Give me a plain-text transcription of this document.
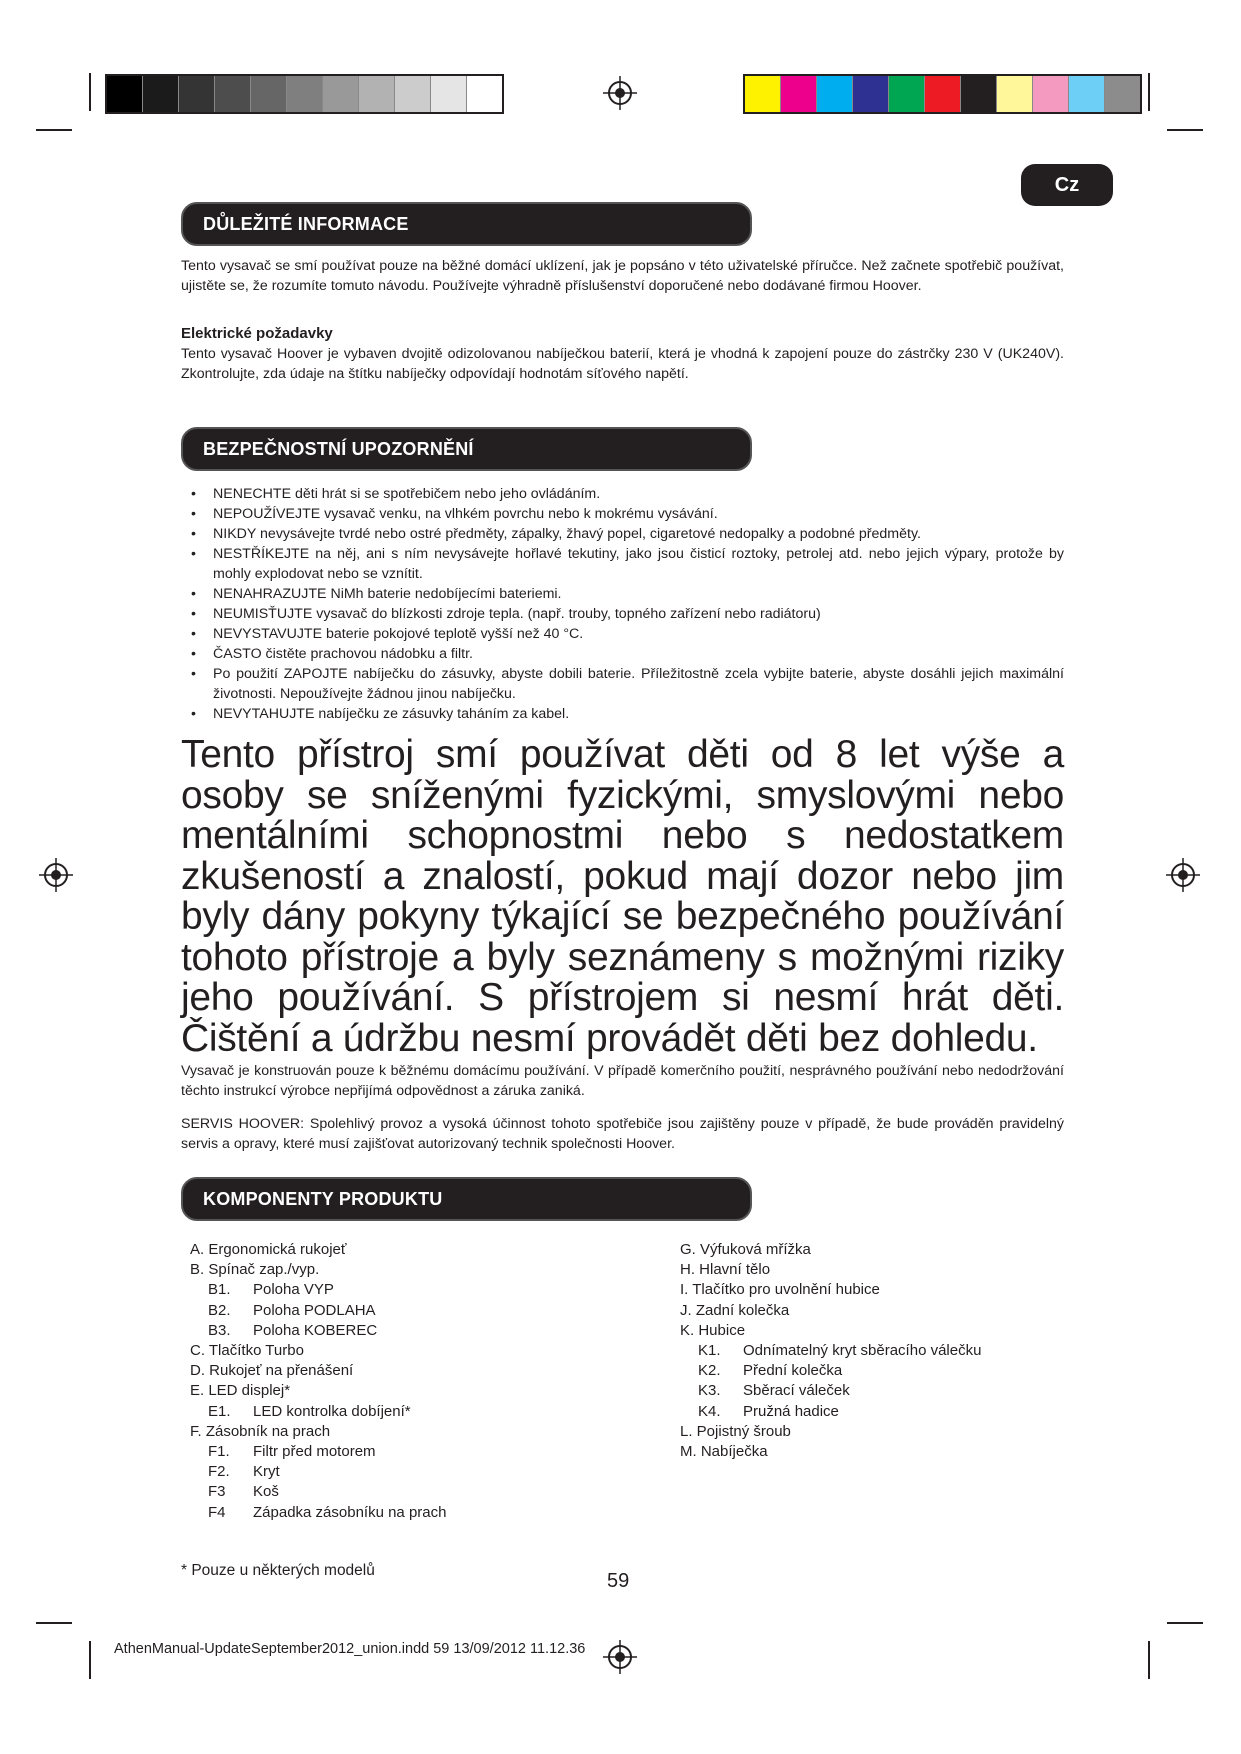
Cz
DŮLEŽITÉ INFORMACE
Tento vysavač se smí používat pouze na běžné domácí uklízení, jak je popsáno v této uživatelské příručce. Než začnete spotřebič používat, ujistěte se, že rozumíte tomuto návodu. Používejte výhradně příslušenství doporučené nebo dodávané firmou Hoover.
Elektrické požadavky
Tento vysavač Hoover je vybaven dvojitě odizolovanou nabíječkou baterií, která je vhodná k zapojení pouze do zástrčky 230 V (UK240V). Zkontrolujte, zda údaje na štítku nabíječky odpovídají hodnotám síťového napětí.
BEZPEČNOSTNÍ UPOZORNĚNÍ
• NENECHTE děti hrát si se spotřebičem nebo jeho ovládáním.
• NEPOUŽÍVEJTE vysavač venku, na vlhkém povrchu nebo k mokrému vysávání.
• NIKDY nevysávejte tvrdé nebo ostré předměty, zápalky, žhavý popel, cigaretové nedopalky a podobné předměty.
• NESTŘÍKEJTE na něj, ani s ním nevysávejte hořlavé tekutiny, jako jsou čisticí roztoky, petrolej atd. nebo jejich výpary, protože by mohly explodovat nebo se vznítit.
• NENAHRAZUJTE NiMh baterie nedobíjecími bateriemi.
• NEUMISŤUJTE vysavač do blízkosti zdroje tepla. (např. trouby, topného zařízení nebo radiátoru)
• NEVYSTAVUJTE baterie pokojové teplotě vyšší než 40 °C.
• ČASTO čistěte prachovou nádobku a filtr.
• Po použití ZAPOJTE nabíječku do zásuvky, abyste dobili baterie. Příležitostně zcela vybijte baterie, abyste dosáhli jejich maximální životnosti. Nepoužívejte žádnou jinou nabíječku.
• NEVYTAHUJTE nabíječku ze zásuvky taháním za kabel.
Tento přístroj smí používat děti od 8 let výše a osoby se sníženými fyzickými, smyslovými nebo mentálními schopnostmi nebo s nedostatkem zkušeností a znalostí, pokud mají dozor nebo jim byly dány pokyny týkající se bezpečného používání tohoto přístroje a byly seznámeny s možnými riziky jeho používání. S přístrojem si nesmí hrát děti. Čištění a údržbu nesmí provádět děti bez dohledu.
Vysavač je konstruován pouze k běžnému domácímu používání. V případě komerčního použití, nesprávného používání nebo nedodržování těchto instrukcí výrobce nepřijímá odpovědnost a záruka zaniká.
SERVIS HOOVER: Spolehlivý provoz a vysoká účinnost tohoto spotřebiče jsou zajištěny pouze v případě, že bude prováděn pravidelný servis a opravy, které musí zajišťovat autorizovaný technik společnosti Hoover.
KOMPONENTY PRODUKTU
A. Ergonomická rukojeť
B. Spínač zap./vyp.
B1. Poloha VYP
B2. Poloha PODLAHA
B3. Poloha KOBEREC
C. Tlačítko Turbo
D. Rukojeť na přenášení
E. LED displej*
E1. LED kontrolka dobíjení*
F. Zásobník na prach
F1. Filtr před motorem
F2. Kryt
F3 Koš
F4 Západka zásobníku na prach
G. Výfuková mřížka
H. Hlavní tělo
I. Tlačítko pro uvolnění hubice
J. Zadní kolečka
K. Hubice
K1. Odnímatelný kryt sběracího válečku
K2. Přední kolečka
K3. Sběrací váleček
K4. Pružná hadice
L. Pojistný šroub
M. Nabíječka
* Pouze u některých modelů	59
AthenManual-UpdateSeptember2012_union.indd 59 13/09/2012 11.12.36
